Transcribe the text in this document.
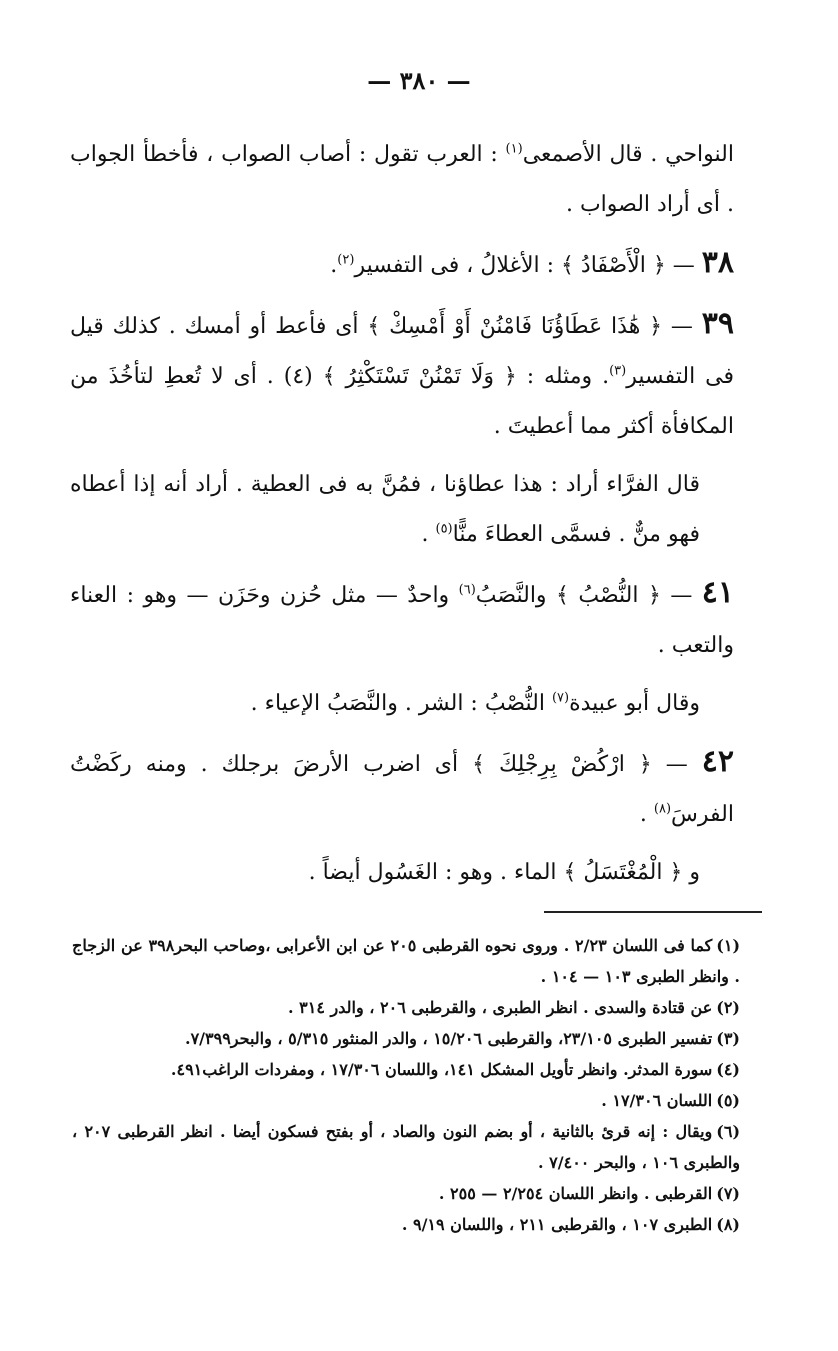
— ٣٨٠ —

النواحي . قال الأصمعى$^{(١)}$ : العرب تقول : أصاب الصواب ، فأخطأ الجواب . أى أراد الصواب .

٣٨ — ﴿ الْأَصْفَادُ ﴾ : الأغلالُ ، فى التفسير$^{(٢)}$.

٣٩ — ﴿ هَٰذَا عَطَاؤُنَا فَامْنُنْ أَوْ أَمْسِكْ ﴾ أى فأعط أو أمسك . كذلك قيل فى التفسير$^{(٣)}$. ومثله : ﴿ وَلَا تَمْنُنْ تَسْتَكْثِرُ ﴾ (٤) . أى لا تُعطِ لتأخُذَ من المكافأة أكثر مما أعطيتَ .

قال الفرَّاء أراد : هذا عطاؤنا ، فمُنَّ به فى العطية . أراد أنه إذا أعطاه فهو منٌّ . فسمَّى العطاءَ منًّا$^{(٥)}$ .

٤١ — ﴿ النُّصْبُ ﴾ والنَّصَبُ$^{(٦)}$ واحدٌ — مثل حُزن وحَزَن — وهو : العناء والتعب .

وقال أبو عبيدة$^{(٧)}$ النُّصْبُ : الشر . والنَّصَبُ الإعياء .

٤٢ — ﴿ ارْكُضْ بِرِجْلِكَ ﴾ أى اضرب الأرضَ برجلك . ومنه ركَضْتُ الفرسَ$^{(٨)}$ .

و ﴿ الْمُغْتَسَلُ ﴾ الماء . وهو : الغَسُول أيضاً .

(١)كما فى اللسان ٢/٢٣ . وروى نحوه القرطبى ٢٠٥ عن ابن الأعرابى ،وصاحب البحر٣٩٨ عن الزجاج . وانظر الطبرى ١٠٣ — ١٠٤ .

(٢)عن قتادة والسدى . انظر الطبرى ، والقرطبى ٢٠٦ ، والدر ٣١٤ .

(٣)تفسير الطبرى ٢٣/١٠٥، والقرطبى ١٥/٢٠٦ ، والدر المنثور ٥/٣١٥ ، والبحر٧/٣٩٩.

(٤)سورة المدثر. وانظر تأويل المشكل ١٤١، واللسان ١٧/٣٠٦ ، ومفردات الراغب٤٩١.

(٥)اللسان ١٧/٣٠٦ .

(٦)ويقال : إنه قرئ بالثانية ، أو بضم النون والصاد ، أو بفتح فسكون أيضا . انظر القرطبى ٢٠٧ ، والطبرى ١٠٦ ، والبحر ٧/٤٠٠ .

(٧)القرطبى . وانظر اللسان ٢/٢٥٤ — ٢٥٥ .

(٨)الطبرى ١٠٧ ، والقرطبى ٢١١ ، واللسان ٩/١٩ .
